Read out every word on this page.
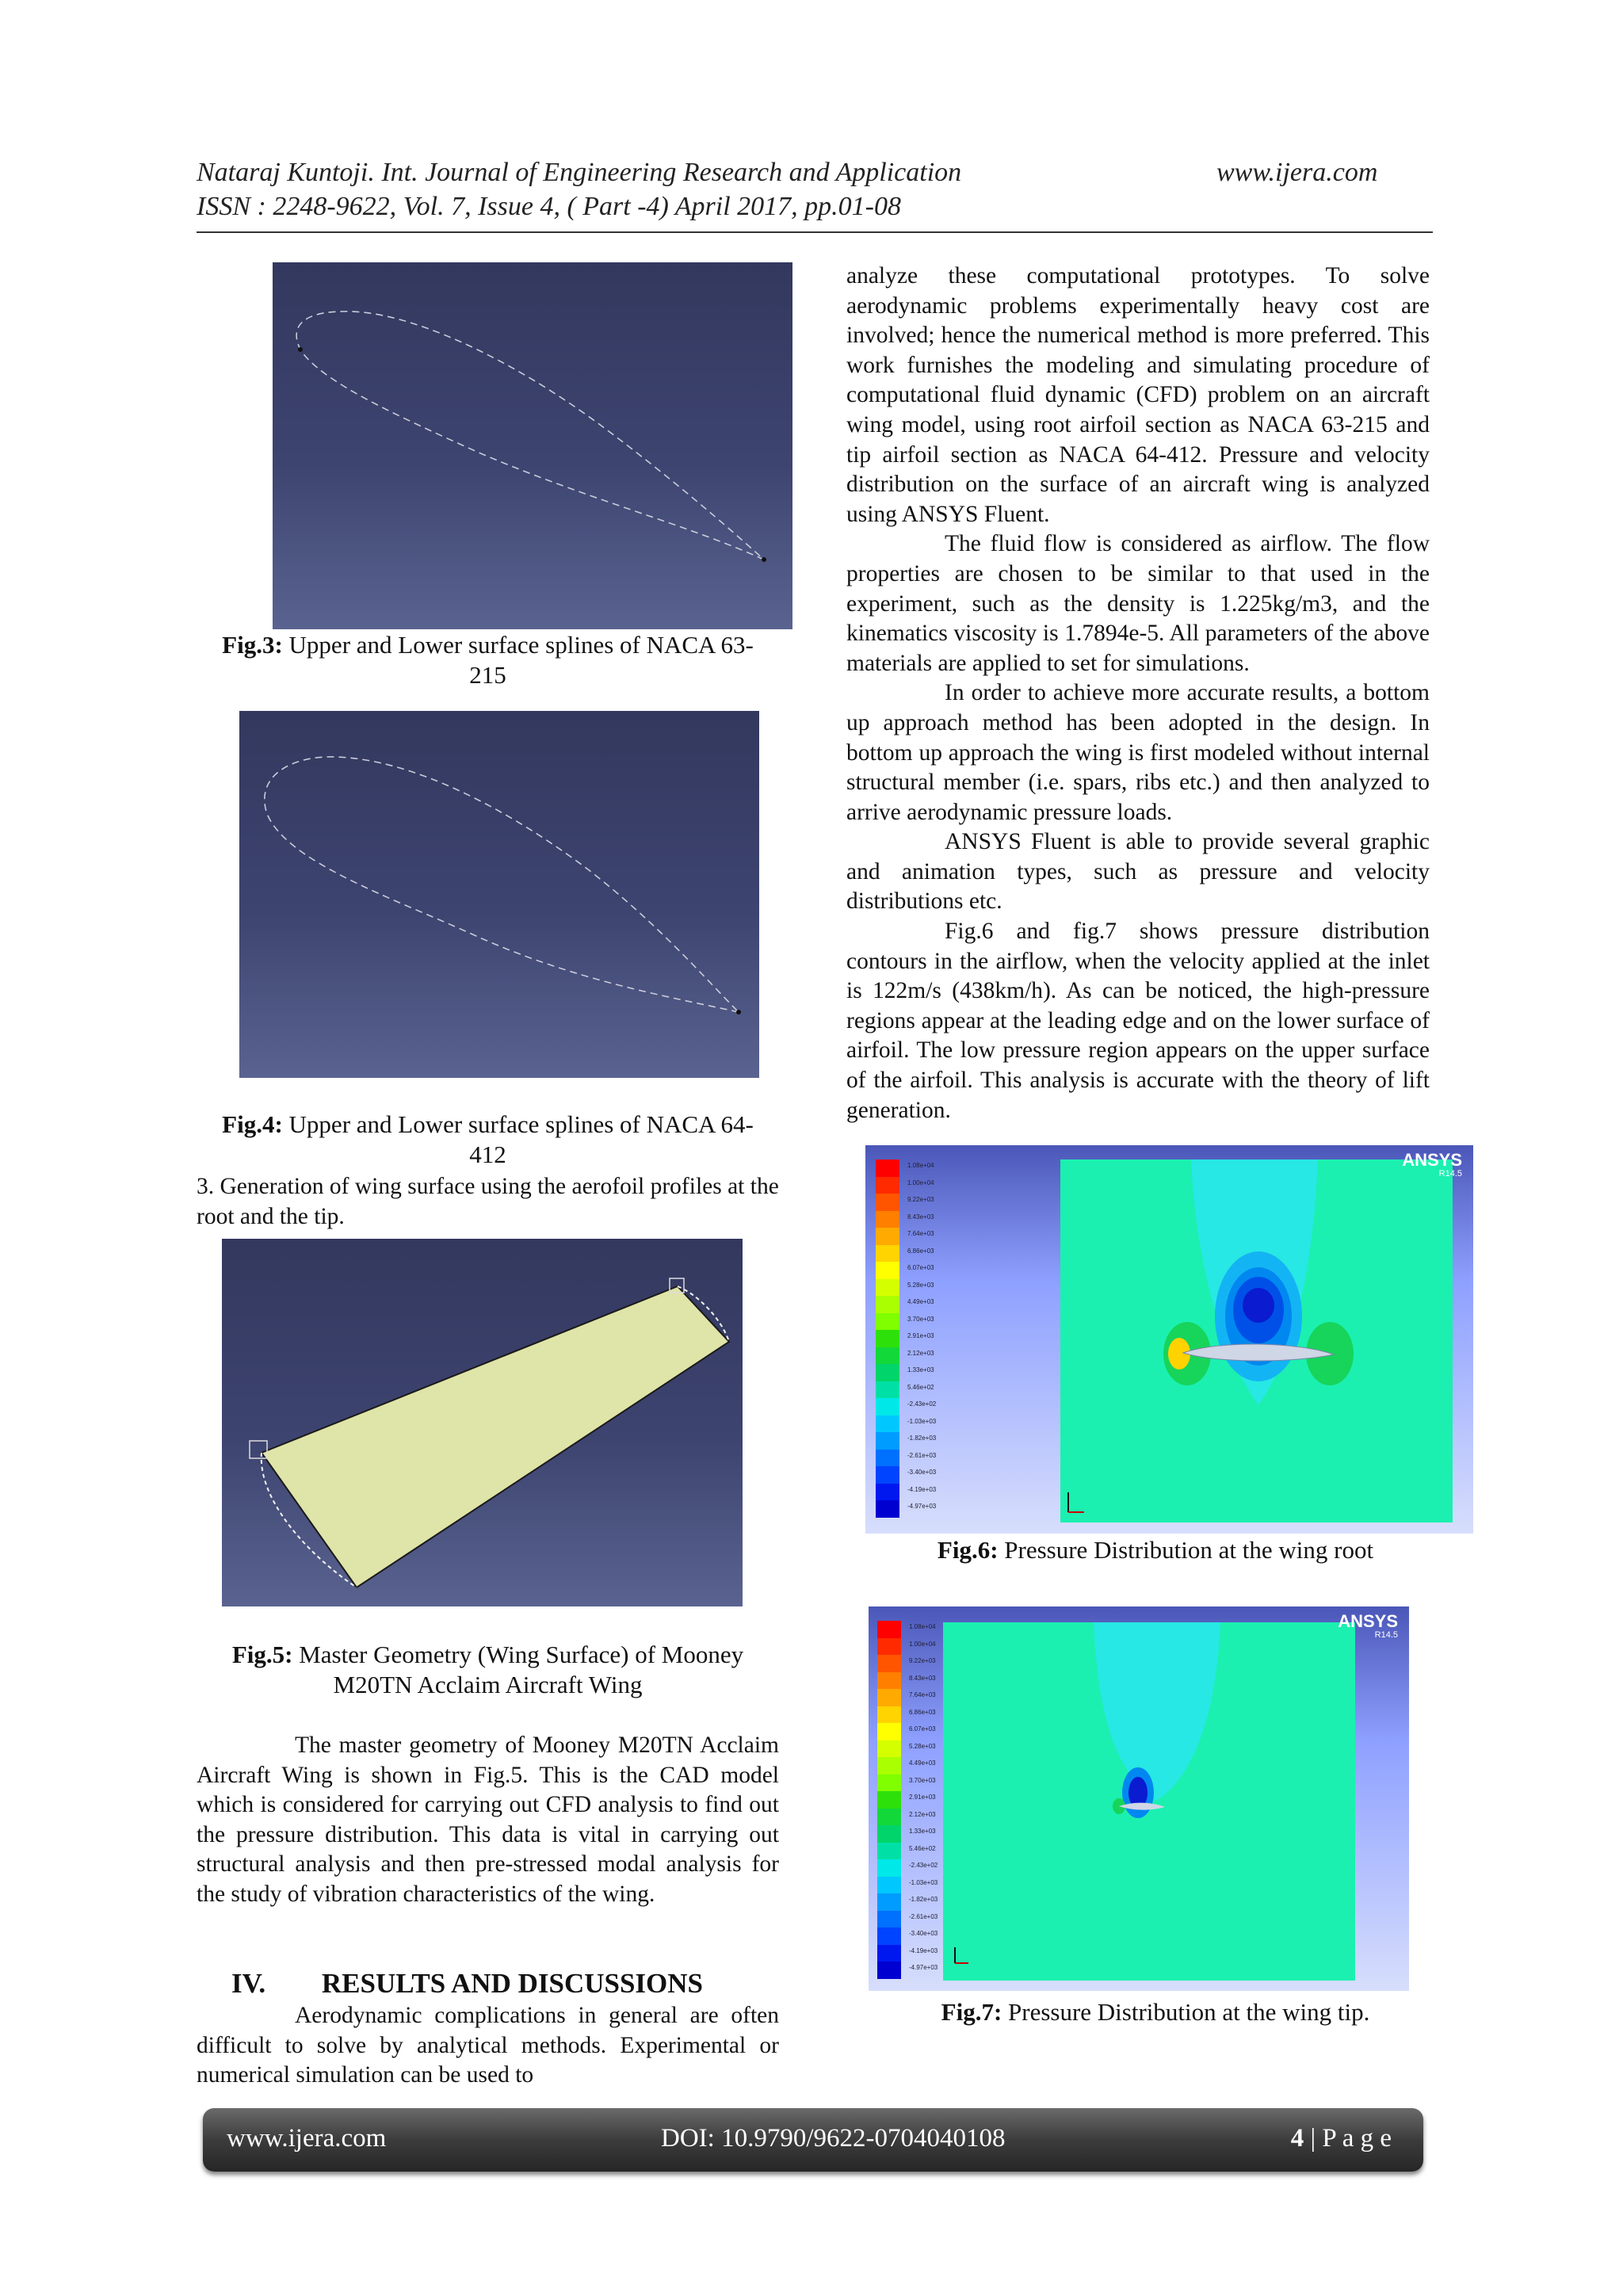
Nataraj Kuntoji. Int. Journal of Engineering Research and Application	www.ijera.com
ISSN : 2248-9622, Vol. 7, Issue 4, ( Part -4) April 2017, pp.01-08
Fig.3: Upper and Lower surface splines of NACA 63-
215
Fig.4: Upper and Lower surface splines of NACA 64-
412
3. Generation of wing surface using the aerofoil profiles at the root and the tip.
Fig.5: Master Geometry (Wing Surface) of Mooney
M20TN Acclaim Aircraft Wing

The master geometry of Mooney M20TN Acclaim Aircraft Wing is shown in Fig.5. This is the CAD model which is considered for carrying out CFD analysis to find out the pressure distribution. This data is vital in carrying out structural analysis and then pre-stressed modal analysis for the study of vibration characteristics of the wing.

IV. RESULTS AND DISCUSSIONS

Aerodynamic complications in general are often difficult to solve by analytical methods. Experimental or numerical simulation can be used to

analyze these computational prototypes. To solve aerodynamic problems experimentally heavy cost are involved; hence the numerical method is more preferred. This work furnishes the modeling and simulating procedure of computational fluid dynamic (CFD) problem on an aircraft wing model, using root airfoil section as NACA 63-215 and tip airfoil section as NACA 64-412. Pressure and velocity distribution on the surface of an aircraft wing is analyzed using ANSYS Fluent.

The fluid flow is considered as airflow. The flow properties are chosen to be similar to that used in the experiment, such as the density is 1.225kg/m3, and the kinematics viscosity is 1.7894e-5. All parameters of the above materials are applied to set for simulations.

In order to achieve more accurate results, a bottom up approach method has been adopted in the design. In bottom up approach the wing is first modeled without internal structural member (i.e. spars, ribs etc.) and then analyzed to arrive aerodynamic pressure loads.

ANSYS Fluent is able to provide several graphic and animation types, such as pressure and velocity distributions etc.

Fig.6 and fig.7 shows pressure distribution contours in the airflow, when the velocity applied at the inlet is 122m/s (438km/h). As can be noticed, the high-pressure regions appear at the leading edge and on the lower surface of airfoil. The low pressure region appears on the upper surface of the airfoil. This analysis is accurate with the theory of lift generation.

1.08e+04
1.00e+04
9.22e+03
8.43e+03
7.64e+03
6.86e+03
6.07e+03
5.28e+03
4.49e+03
3.70e+03
2.91e+03
2.12e+03
1.33e+03
5.46e+02
-2.43e+02
-1.03e+03
-1.82e+03
-2.61e+03
-3.40e+03
-4.19e+03
-4.97e+03
ANSYS
R14.5
Fig.6: Pressure Distribution at the wing root
1.08e+04
1.00e+04
9.22e+03
8.43e+03
7.64e+03
6.86e+03
6.07e+03
5.28e+03
4.49e+03
3.70e+03
2.91e+03
2.12e+03
1.33e+03
5.46e+02
-2.43e+02
-1.03e+03
-1.82e+03
-2.61e+03
-3.40e+03
-4.19e+03
-4.97e+03
ANSYS
R14.5
Fig.7: Pressure Distribution at the wing tip.
www.ijera.com	DOI: 10.9790/9622-0704040108	4 | P a g e
